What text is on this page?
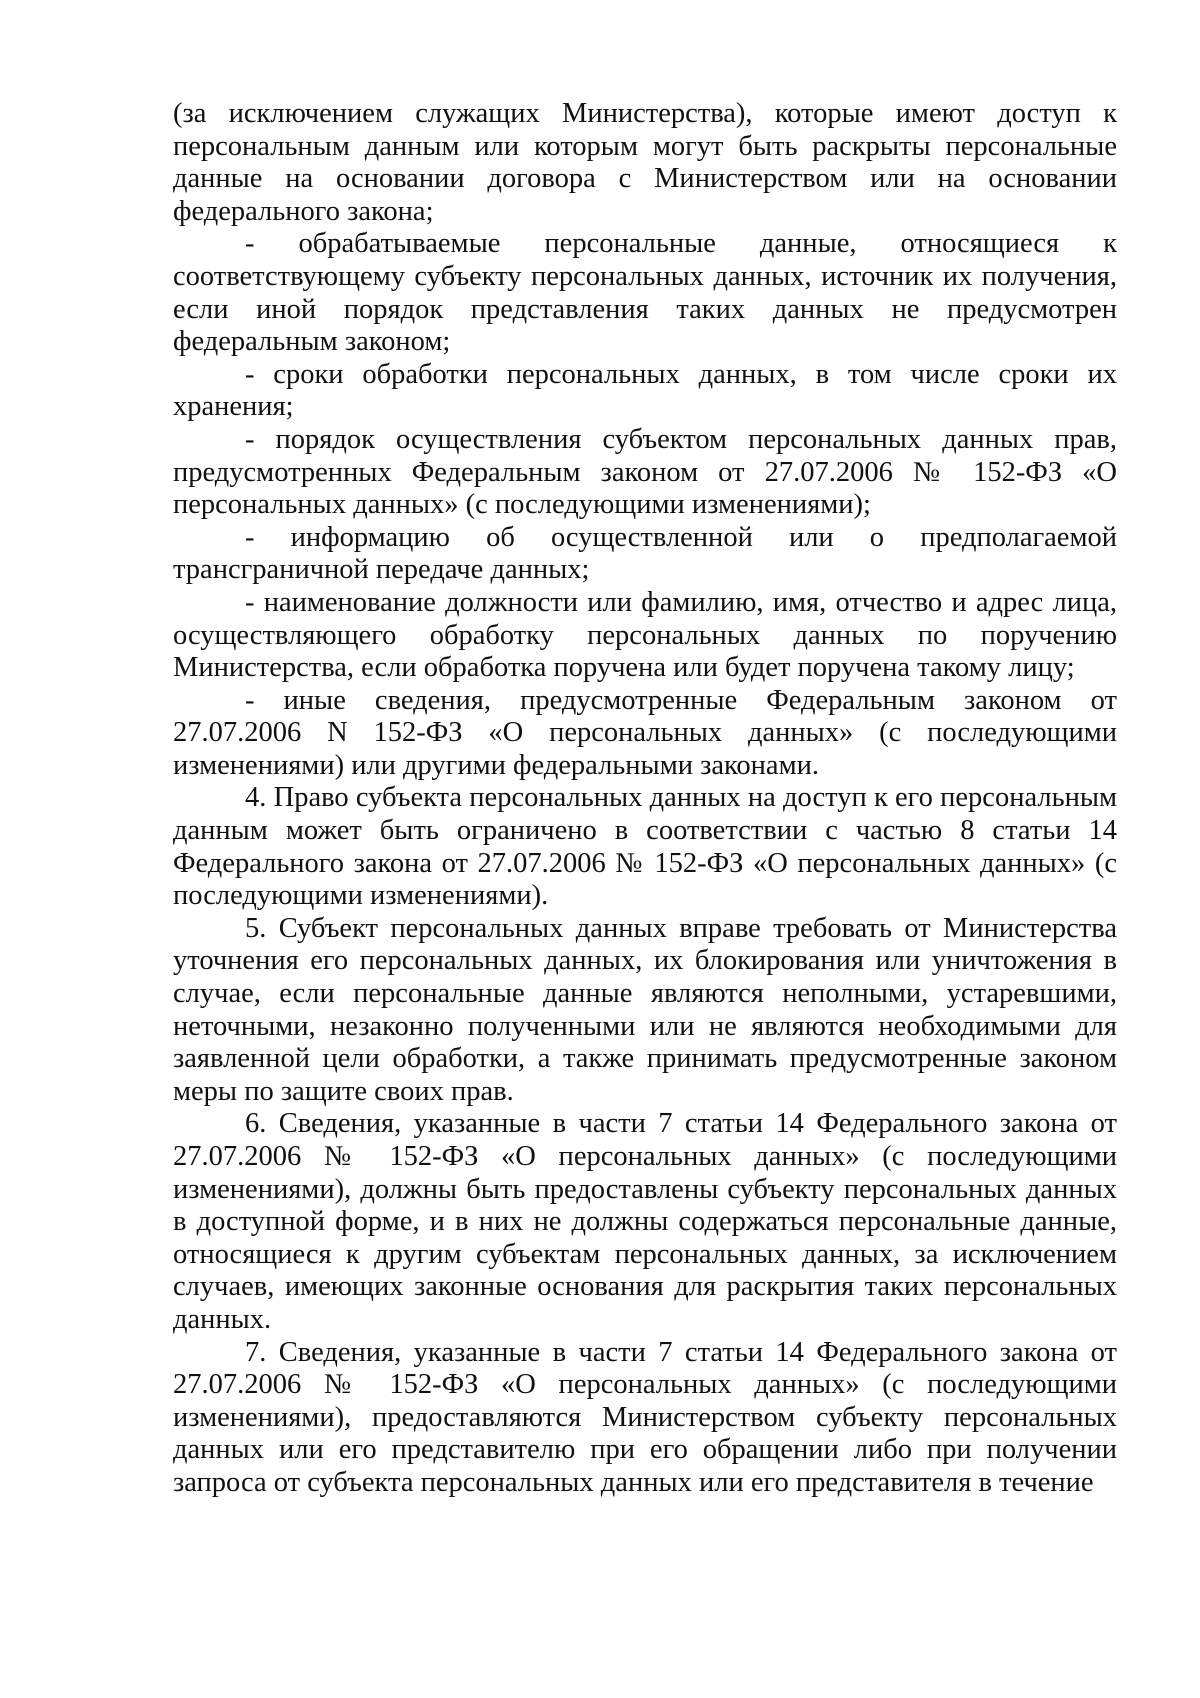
(за исключением служащих Министерства), которые имеют доступ к персональным данным или которым могут быть раскрыты персональные данные на основании договора с Министерством или на основании федерального закона;

- обрабатываемые персональные данные, относящиеся к соответствующему субъекту персональных данных, источник их получения, если иной порядок представления таких данных не предусмотрен федеральным законом;

- сроки обработки персональных данных, в том числе сроки их хранения;

- порядок осуществления субъектом персональных данных прав, предусмотренных Федеральным законом от 27.07.2006 № 152-ФЗ «О персональных данных» (с последующими изменениями);

- информацию об осуществленной или о предполагаемой трансграничной передаче данных;

- наименование должности или фамилию, имя, отчество и адрес лица, осуществляющего обработку персональных данных по поручению Министерства, если обработка поручена или будет поручена такому лицу;

- иные сведения, предусмотренные Федеральным законом от 27.07.2006 N 152-ФЗ «О персональных данных» (с последующими изменениями) или другими федеральными законами.

4. Право субъекта персональных данных на доступ к его персональным данным может быть ограничено в соответствии с частью 8 статьи 14 Федерального закона от 27.07.2006 № 152-ФЗ «О персональных данных» (с последующими изменениями).

5. Субъект персональных данных вправе требовать от Министерства уточнения его персональных данных, их блокирования или уничтожения в случае, если персональные данные являются неполными, устаревшими, неточными, незаконно полученными или не являются необходимыми для заявленной цели обработки, а также принимать предусмотренные законом меры по защите своих прав.

6. Сведения, указанные в части 7 статьи 14 Федерального закона от 27.07.2006 № 152-ФЗ «О персональных данных» (с последующими изменениями), должны быть предоставлены субъекту персональных данных в доступной форме, и в них не должны содержаться персональные данные, относящиеся к другим субъектам персональных данных, за исключением случаев, имеющих законные основания для раскрытия таких персональных данных.

7. Сведения, указанные в части 7 статьи 14 Федерального закона от 27.07.2006 № 152-ФЗ «О персональных данных» (с последующими изменениями), предоставляются Министерством субъекту персональных данных или его представителю при его обращении либо при получении запроса от субъекта персональных данных или его представителя в течение
